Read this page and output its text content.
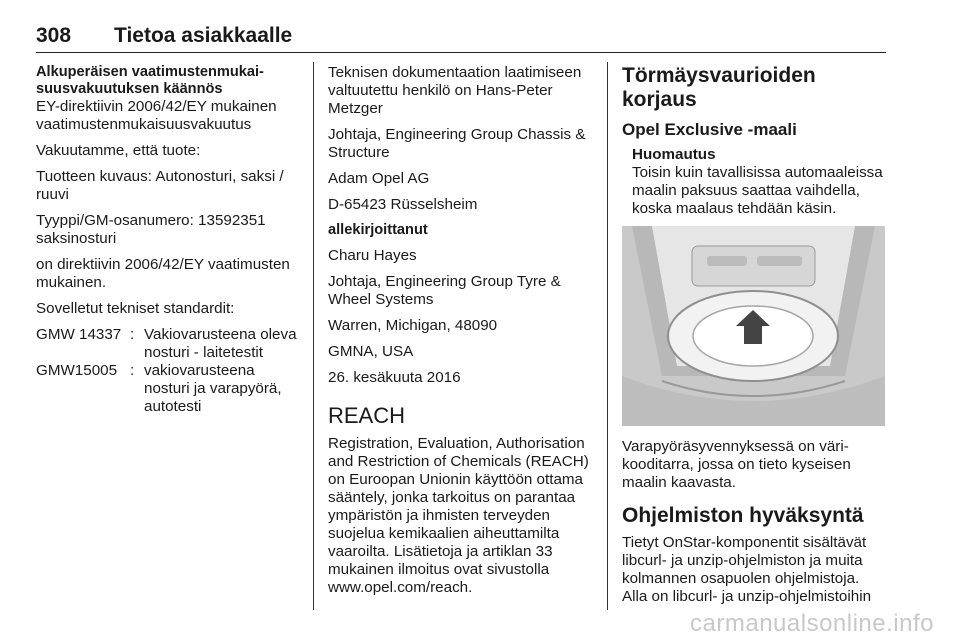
308 Tietoa asiakkaalle

Alkuperäisen vaatimustenmukaisuusvakuutuksen käännös

EY-direktiivin 2006/42/EY mukainen vaatimustenmukaisuusvakuutus

Vakuutamme, että tuote:

Tuotteen kuvaus: Autonosturi, saksi / ruuvi

Tyyppi/GM-osanumero: 13592351 saksinosturi

on direktiivin 2006/42/EY vaatimusten mukainen.

Sovelletut tekniset standardit:

GMW 14337 : Vakiovarusteena oleva nosturi - laitetestit
GMW15005 : vakiovarusteena nosturi ja varapyörä, autotesti

Teknisen dokumentaation laatimiseen valtuutettu henkilö on Hans-Peter Metzger

Johtaja, Engineering Group Chassis & Structure

Adam Opel AG

D-65423 Rüsselsheim

allekirjoittanut

Charu Hayes

Johtaja, Engineering Group Tyre & Wheel Systems

Warren, Michigan, 48090

GMNA, USA

26. kesäkuuta 2016

REACH

Registration, Evaluation, Authorisation and Restriction of Chemicals (REACH) on Euroopan Unionin käyttöön ottama sääntely, jonka tarkoitus on parantaa ympäristön ja ihmisten terveyden suojelua kemikaalien aiheuttamilta vaaroilta. Lisätietoja ja artiklan 33 mukainen ilmoitus ovat sivustolla www.opel.com/reach.

Törmäysvaurioiden korjaus
Opel Exclusive -maali
Huomautus
Toisin kuin tavallisissa automaaleissa maalin paksuus saattaa vaihdella, koska maalaus tehdään käsin.

Varapyöräsyvennyksessä on värikooditarra, jossa on tieto kyseisen maalin kaavasta.

Ohjelmiston hyväksyntä

Tietyt OnStar-komponentit sisältävät libcurl- ja unzip-ohjelmiston ja muita kolmannen osapuolen ohjelmistoja. Alla on libcurl- ja unzip-ohjelmistoihin

carmanualsonline.info
